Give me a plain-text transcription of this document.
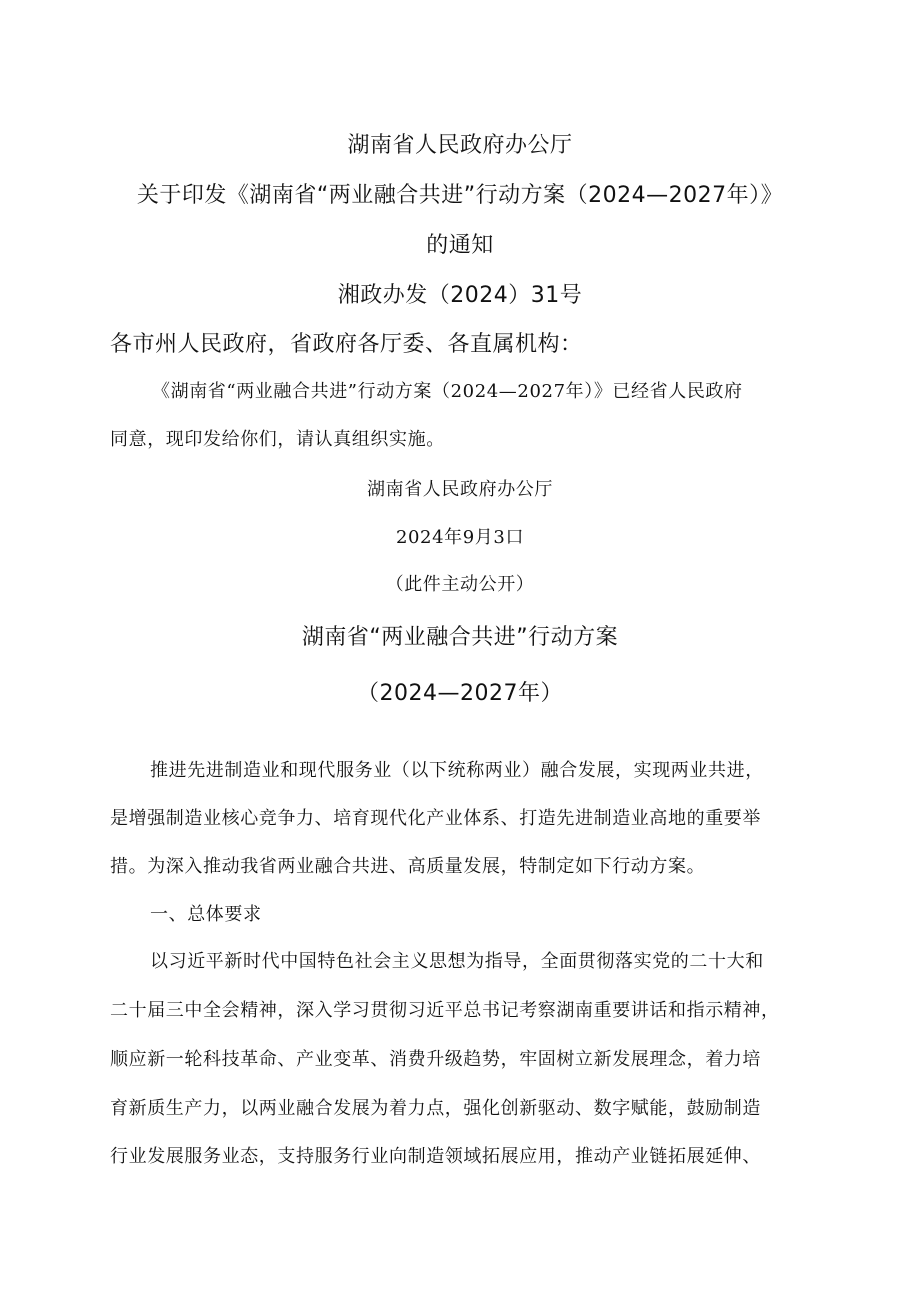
湖南省人民政府办公厅

关于印发《湖南省“两业融合共进”行动方案（2024—2027年）》

的通知

湘政办发（2024）31号

各市州人民政府，省政府各厅委、各直属机构：

《湖南省“两业融合共进”行动方案（2024—2027年）》已经省人民政府

同意，现印发给你们，请认真组织实施。

湖南省人民政府办公厅

2024年9月3口

（此件主动公开）

湖南省“两业融合共进”行动方案

（2024—2027年）

推进先进制造业和现代服务业（以下统称两业）融合发展，实现两业共进，

是增强制造业核心竞争力、培育现代化产业体系、打造先进制造业高地的重要举

措。为深入推动我省两业融合共进、高质量发展，特制定如下行动方案。

一、总体要求

以习近平新时代中国特色社会主义思想为指导，全面贯彻落实党的二十大和

二十届三中全会精神，深入学习贯彻习近平总书记考察湖南重要讲话和指示精神，

顺应新一轮科技革命、产业变革、消费升级趋势，牢固树立新发展理念，着力培

育新质生产力，以两业融合发展为着力点，强化创新驱动、数字赋能，鼓励制造

行业发展服务业态，支持服务行业向制造领域拓展应用，推动产业链拓展延伸、
